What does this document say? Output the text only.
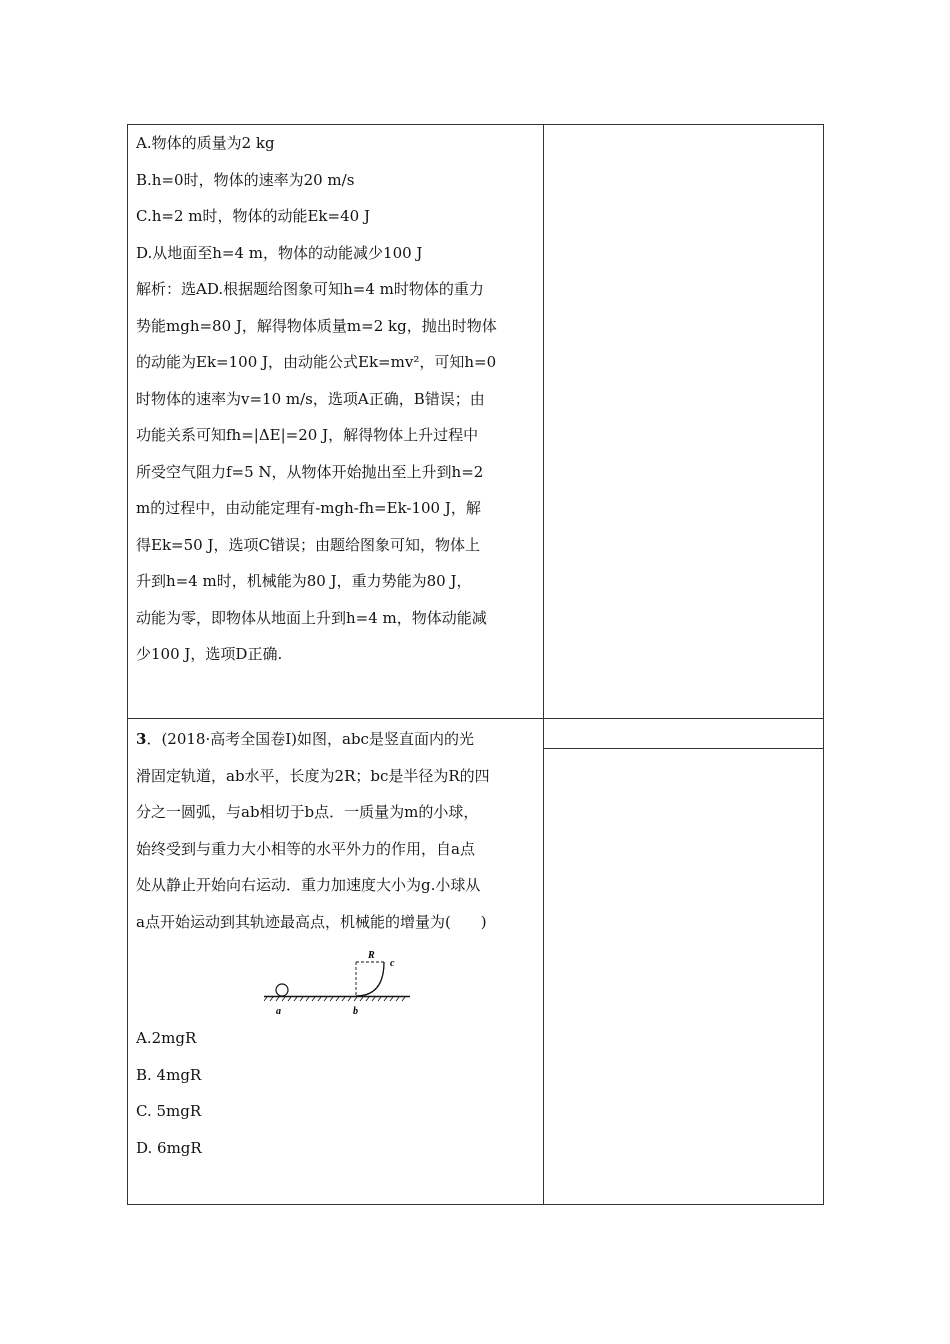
A.物体的质量为2 kg

B.h=0时，物体的速率为20 m/s

C.h=2 m时，物体的动能Ek=40 J

D.从地面至h=4 m，物体的动能减少100 J

解析：选AD.根据题给图象可知h=4 m时物体的重力

势能mgh=80 J，解得物体质量m=2 kg，抛出时物体

的动能为Ek=100 J，由动能公式Ek=mv²，可知h=0

时物体的速率为v=10 m/s，选项A正确，B错误；由

功能关系可知fh=|ΔE|=20 J，解得物体上升过程中

所受空气阻力f=5 N，从物体开始抛出至上升到h=2

m的过程中，由动能定理有-mgh-fh=Ek-100 J，解

得Ek=50 J，选项C错误；由题给图象可知，物体上

升到h=4 m时，机械能为80 J，重力势能为80 J，

动能为零，即物体从地面上升到h=4 m，物体动能减

少100 J，选项D正确.

3．(2018·高考全国卷Ⅰ)如图，abc是竖直面内的光

滑固定轨道，ab水平，长度为2R；bc是半径为R的四

分之一圆弧，与ab相切于b点．一质量为m的小球，

始终受到与重力大小相等的水平外力的作用，自a点

处从静止开始向右运动．重力加速度大小为g.小球从

a点开始运动到其轨迹最高点，机械能的增量为(　　)

R
c
a	b

A.2mgR

B. 4mgR

C. 5mgR

D. 6mgR
